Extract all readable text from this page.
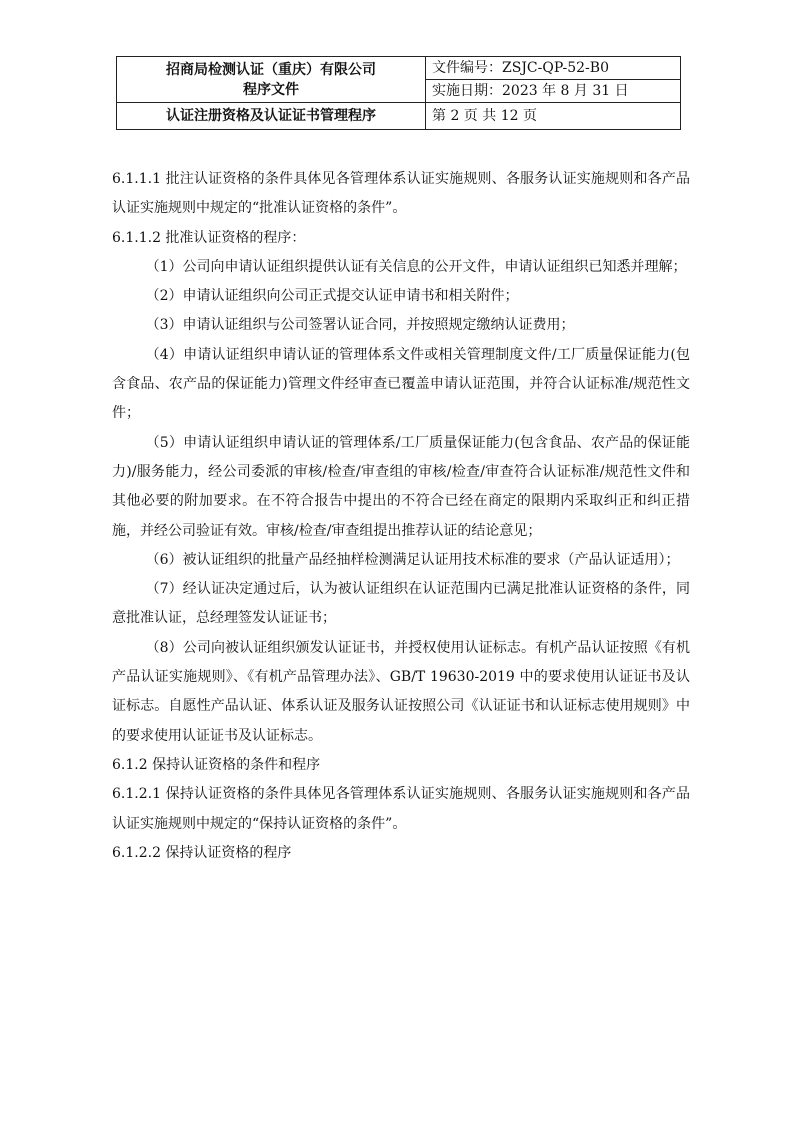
招商局检测认证（重庆）有限公司
程序文件	文件编号：ZSJC-QP-52-B0
	实施日期：2023 年 8 月 31 日
认证注册资格及认证证书管理程序	第 2 页 共 12 页

6.1.1.1 批注认证资格的条件具体见各管理体系认证实施规则、各服务认证实施规则和各产品认证实施规则中规定的“批准认证资格的条件”。

6.1.1.2 批准认证资格的程序：

（1）公司向申请认证组织提供认证有关信息的公开文件，申请认证组织已知悉并理解；

（2）申请认证组织向公司正式提交认证申请书和相关附件；

（3）申请认证组织与公司签署认证合同，并按照规定缴纳认证费用；

（4）申请认证组织申请认证的管理体系文件或相关管理制度文件/工厂质量保证能力(包含食品、农产品的保证能力)管理文件经审查已覆盖申请认证范围，并符合认证标准/规范性文件；

（5）申请认证组织申请认证的管理体系/工厂质量保证能力(包含食品、农产品的保证能力)/服务能力，经公司委派的审核/检查/审查组的审核/检查/审查符合认证标准/规范性文件和其他必要的附加要求。在不符合报告中提出的不符合已经在商定的限期内采取纠正和纠正措施，并经公司验证有效。审核/检查/审查组提出推荐认证的结论意见；

（6）被认证组织的批量产品经抽样检测满足认证用技术标准的要求（产品认证适用）；

（7）经认证决定通过后，认为被认证组织在认证范围内已满足批准认证资格的条件，同意批准认证，总经理签发认证证书；

（8）公司向被认证组织颁发认证证书，并授权使用认证标志。有机产品认证按照《有机产品认证实施规则》、《有机产品管理办法》、GB/T 19630-2019 中的要求使用认证证书及认证标志。自愿性产品认证、体系认证及服务认证按照公司《认证证书和认证标志使用规则》中的要求使用认证证书及认证标志。

6.1.2 保持认证资格的条件和程序

6.1.2.1 保持认证资格的条件具体见各管理体系认证实施规则、各服务认证实施规则和各产品认证实施规则中规定的“保持认证资格的条件”。

6.1.2.2 保持认证资格的程序
